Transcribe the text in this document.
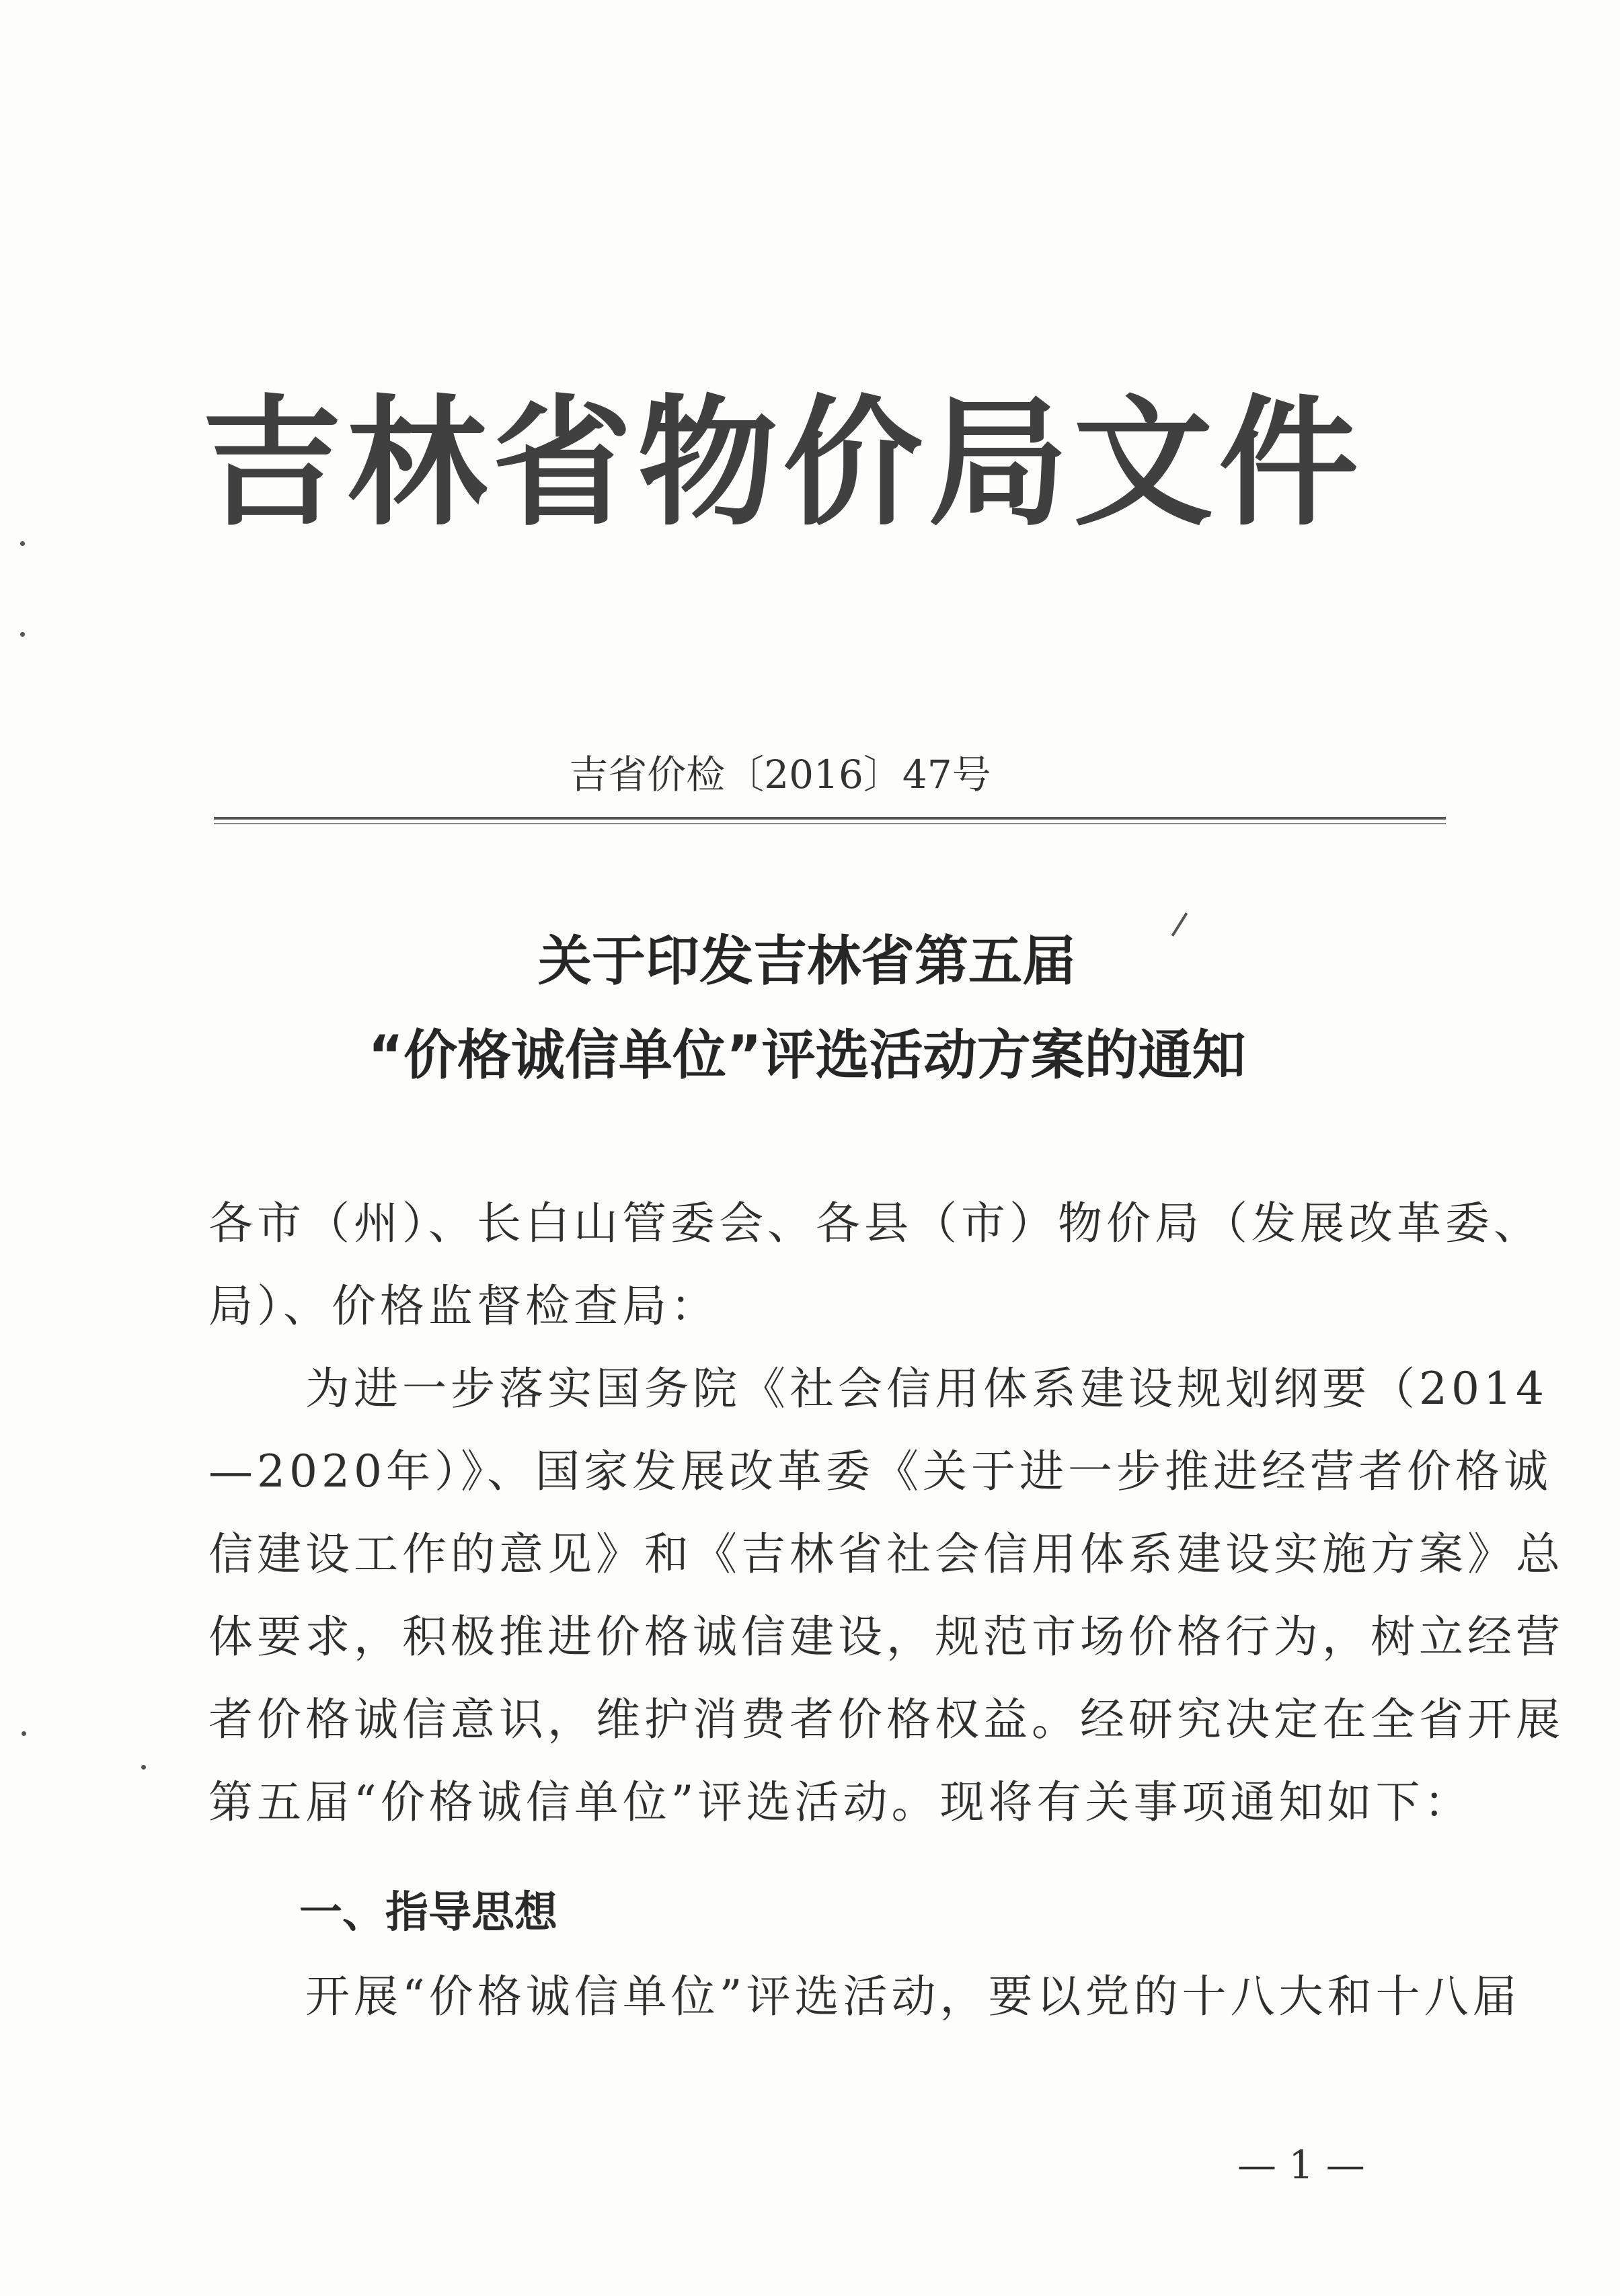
吉林省物价局文件
吉省价检〔2016〕47号
关于印发吉林省第五届
“价格诚信单位”评选活动方案的通知
各市（州）、长白山管委会、各县（市）物价局（发展改革委、
局）、价格监督检查局：
　　为进一步落实国务院《社会信用体系建设规划纲要（2014
—2020年）》、国家发展改革委《关于进一步推进经营者价格诚
信建设工作的意见》和《吉林省社会信用体系建设实施方案》总
体要求，积极推进价格诚信建设，规范市场价格行为，树立经营
者价格诚信意识，维护消费者价格权益。经研究决定在全省开展
第五届“价格诚信单位”评选活动。现将有关事项通知如下：
一、指导思想
　　开展“价格诚信单位”评选活动，要以党的十八大和十八届
— 1 —
